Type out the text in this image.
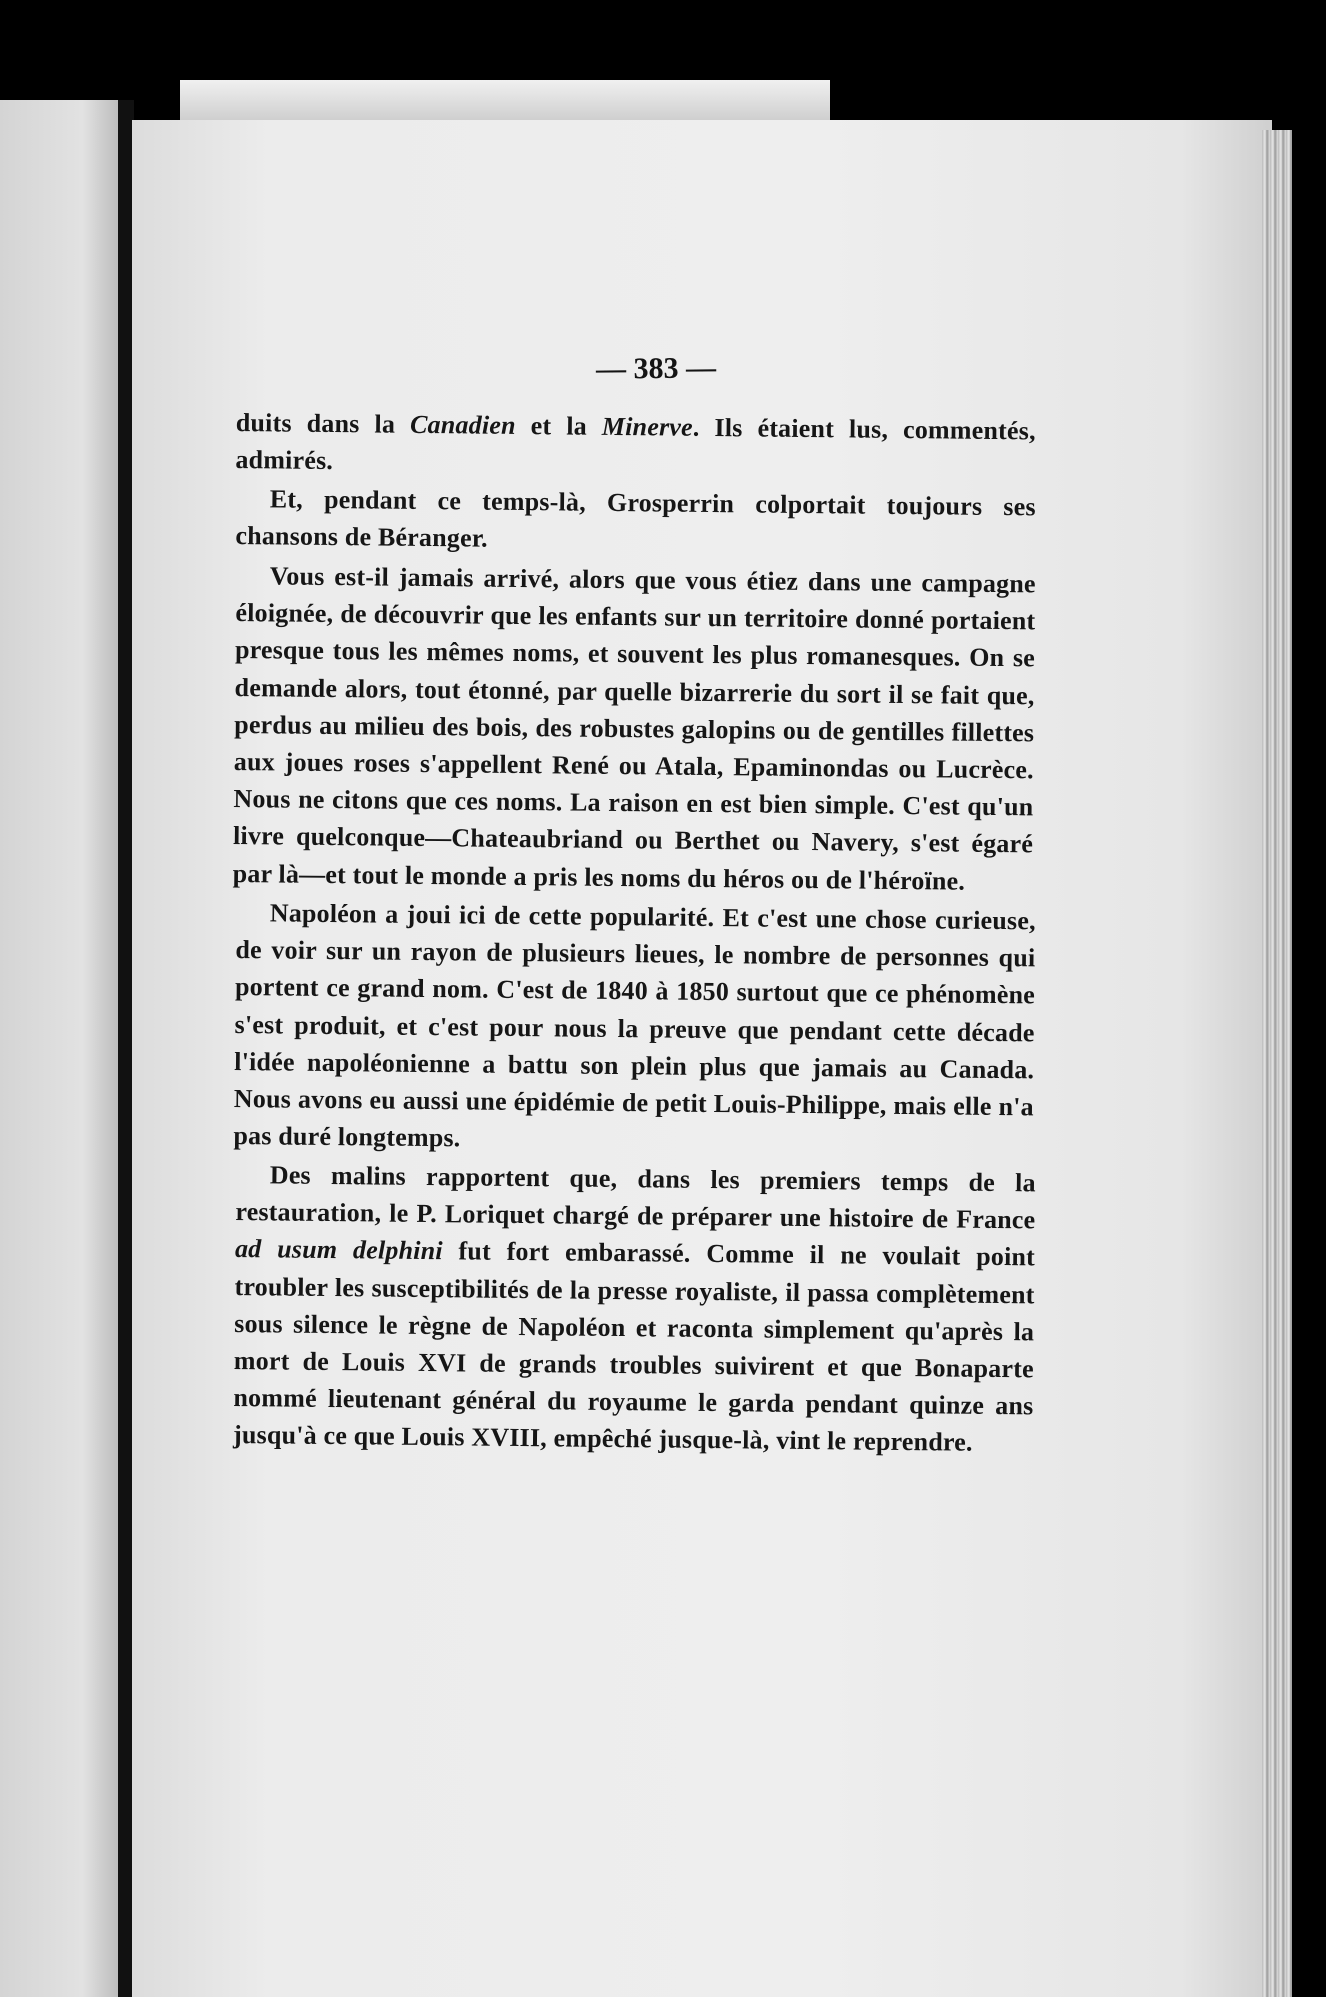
— 383 —

duits dans la Canadien et la Minerve. Ils étaient lus, commentés, admirés.

Et, pendant ce temps-là, Grosperrin colportait toujours ses chansons de Béranger.

Vous est-il jamais arrivé, alors que vous étiez dans une campagne éloignée, de découvrir que les enfants sur un territoire donné portaient presque tous les mêmes noms, et souvent les plus romanesques. On se demande alors, tout étonné, par quelle bizarrerie du sort il se fait que, perdus au milieu des bois, des robustes galopins ou de gentilles fillettes aux joues roses s'appellent René ou Atala, Epaminondas ou Lucrèce. Nous ne citons que ces noms. La raison en est bien simple. C'est qu'un livre quelconque—Chateaubriand ou Berthet ou Navery, s'est égaré par là—et tout le monde a pris les noms du héros ou de l'héroïne.

Napoléon a joui ici de cette popularité. Et c'est une chose curieuse, de voir sur un rayon de plusieurs lieues, le nombre de personnes qui portent ce grand nom. C'est de 1840 à 1850 surtout que ce phénomène s'est produit, et c'est pour nous la preuve que pendant cette décade l'idée napoléonienne a battu son plein plus que jamais au Canada. Nous avons eu aussi une épidémie de petit Louis-Philippe, mais elle n'a pas duré longtemps.

Des malins rapportent que, dans les premiers temps de la restauration, le P. Loriquet chargé de préparer une histoire de France ad usum delphini fut fort embarassé. Comme il ne voulait point troubler les susceptibilités de la presse royaliste, il passa complètement sous silence le règne de Napoléon et raconta simplement qu'après la mort de Louis XVI de grands troubles suivirent et que Bonaparte nommé lieutenant général du royaume le garda pendant quinze ans jusqu'à ce que Louis XVIII, empêché jusque-là, vint le reprendre.
